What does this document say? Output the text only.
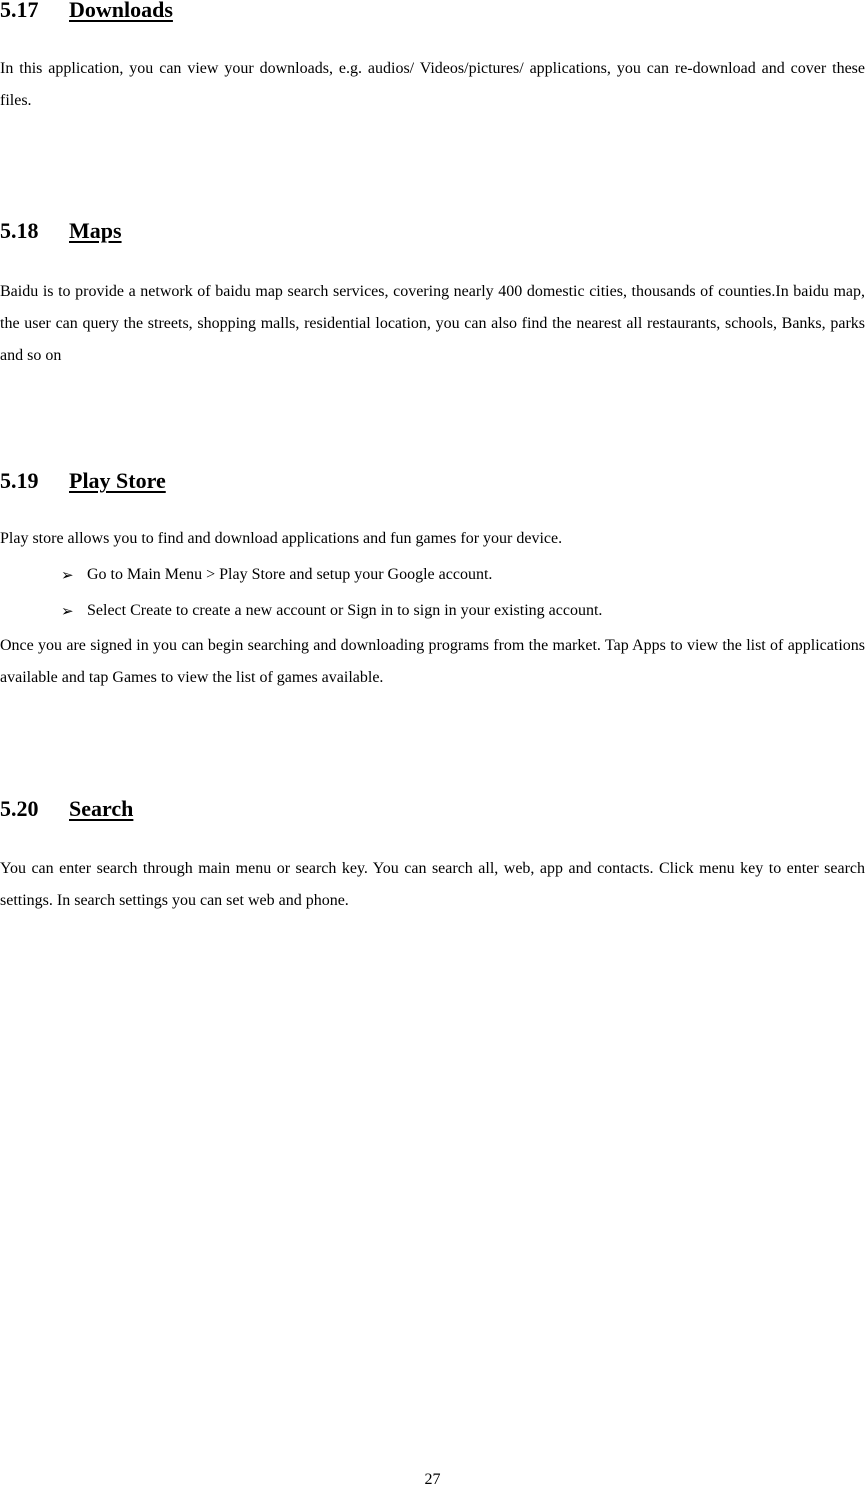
5.17 Downloads

In this application, you can view your downloads, e.g. audios/ Videos/pictures/ applications, you can re-download and cover these files.

5.18 Maps

Baidu is to provide a network of baidu map search services, covering nearly 400 domestic cities, thousands of counties.In baidu map, the user can query the streets, shopping malls, residential location, you can also find the nearest all restaurants, schools, Banks, parks and so on

5.19 Play Store

Play store allows you to find and download applications and fun games for your device.

➢ Go to Main Menu > Play Store and setup your Google account.
➢ Select Create to create a new account or Sign in to sign in your existing account.

Once you are signed in you can begin searching and downloading programs from the market. Tap Apps to view the list of applications available and tap Games to view the list of games available.

5.20 Search

You can enter search through main menu or search key. You can search all, web, app and contacts. Click menu key to enter search settings. In search settings you can set web and phone.

27
